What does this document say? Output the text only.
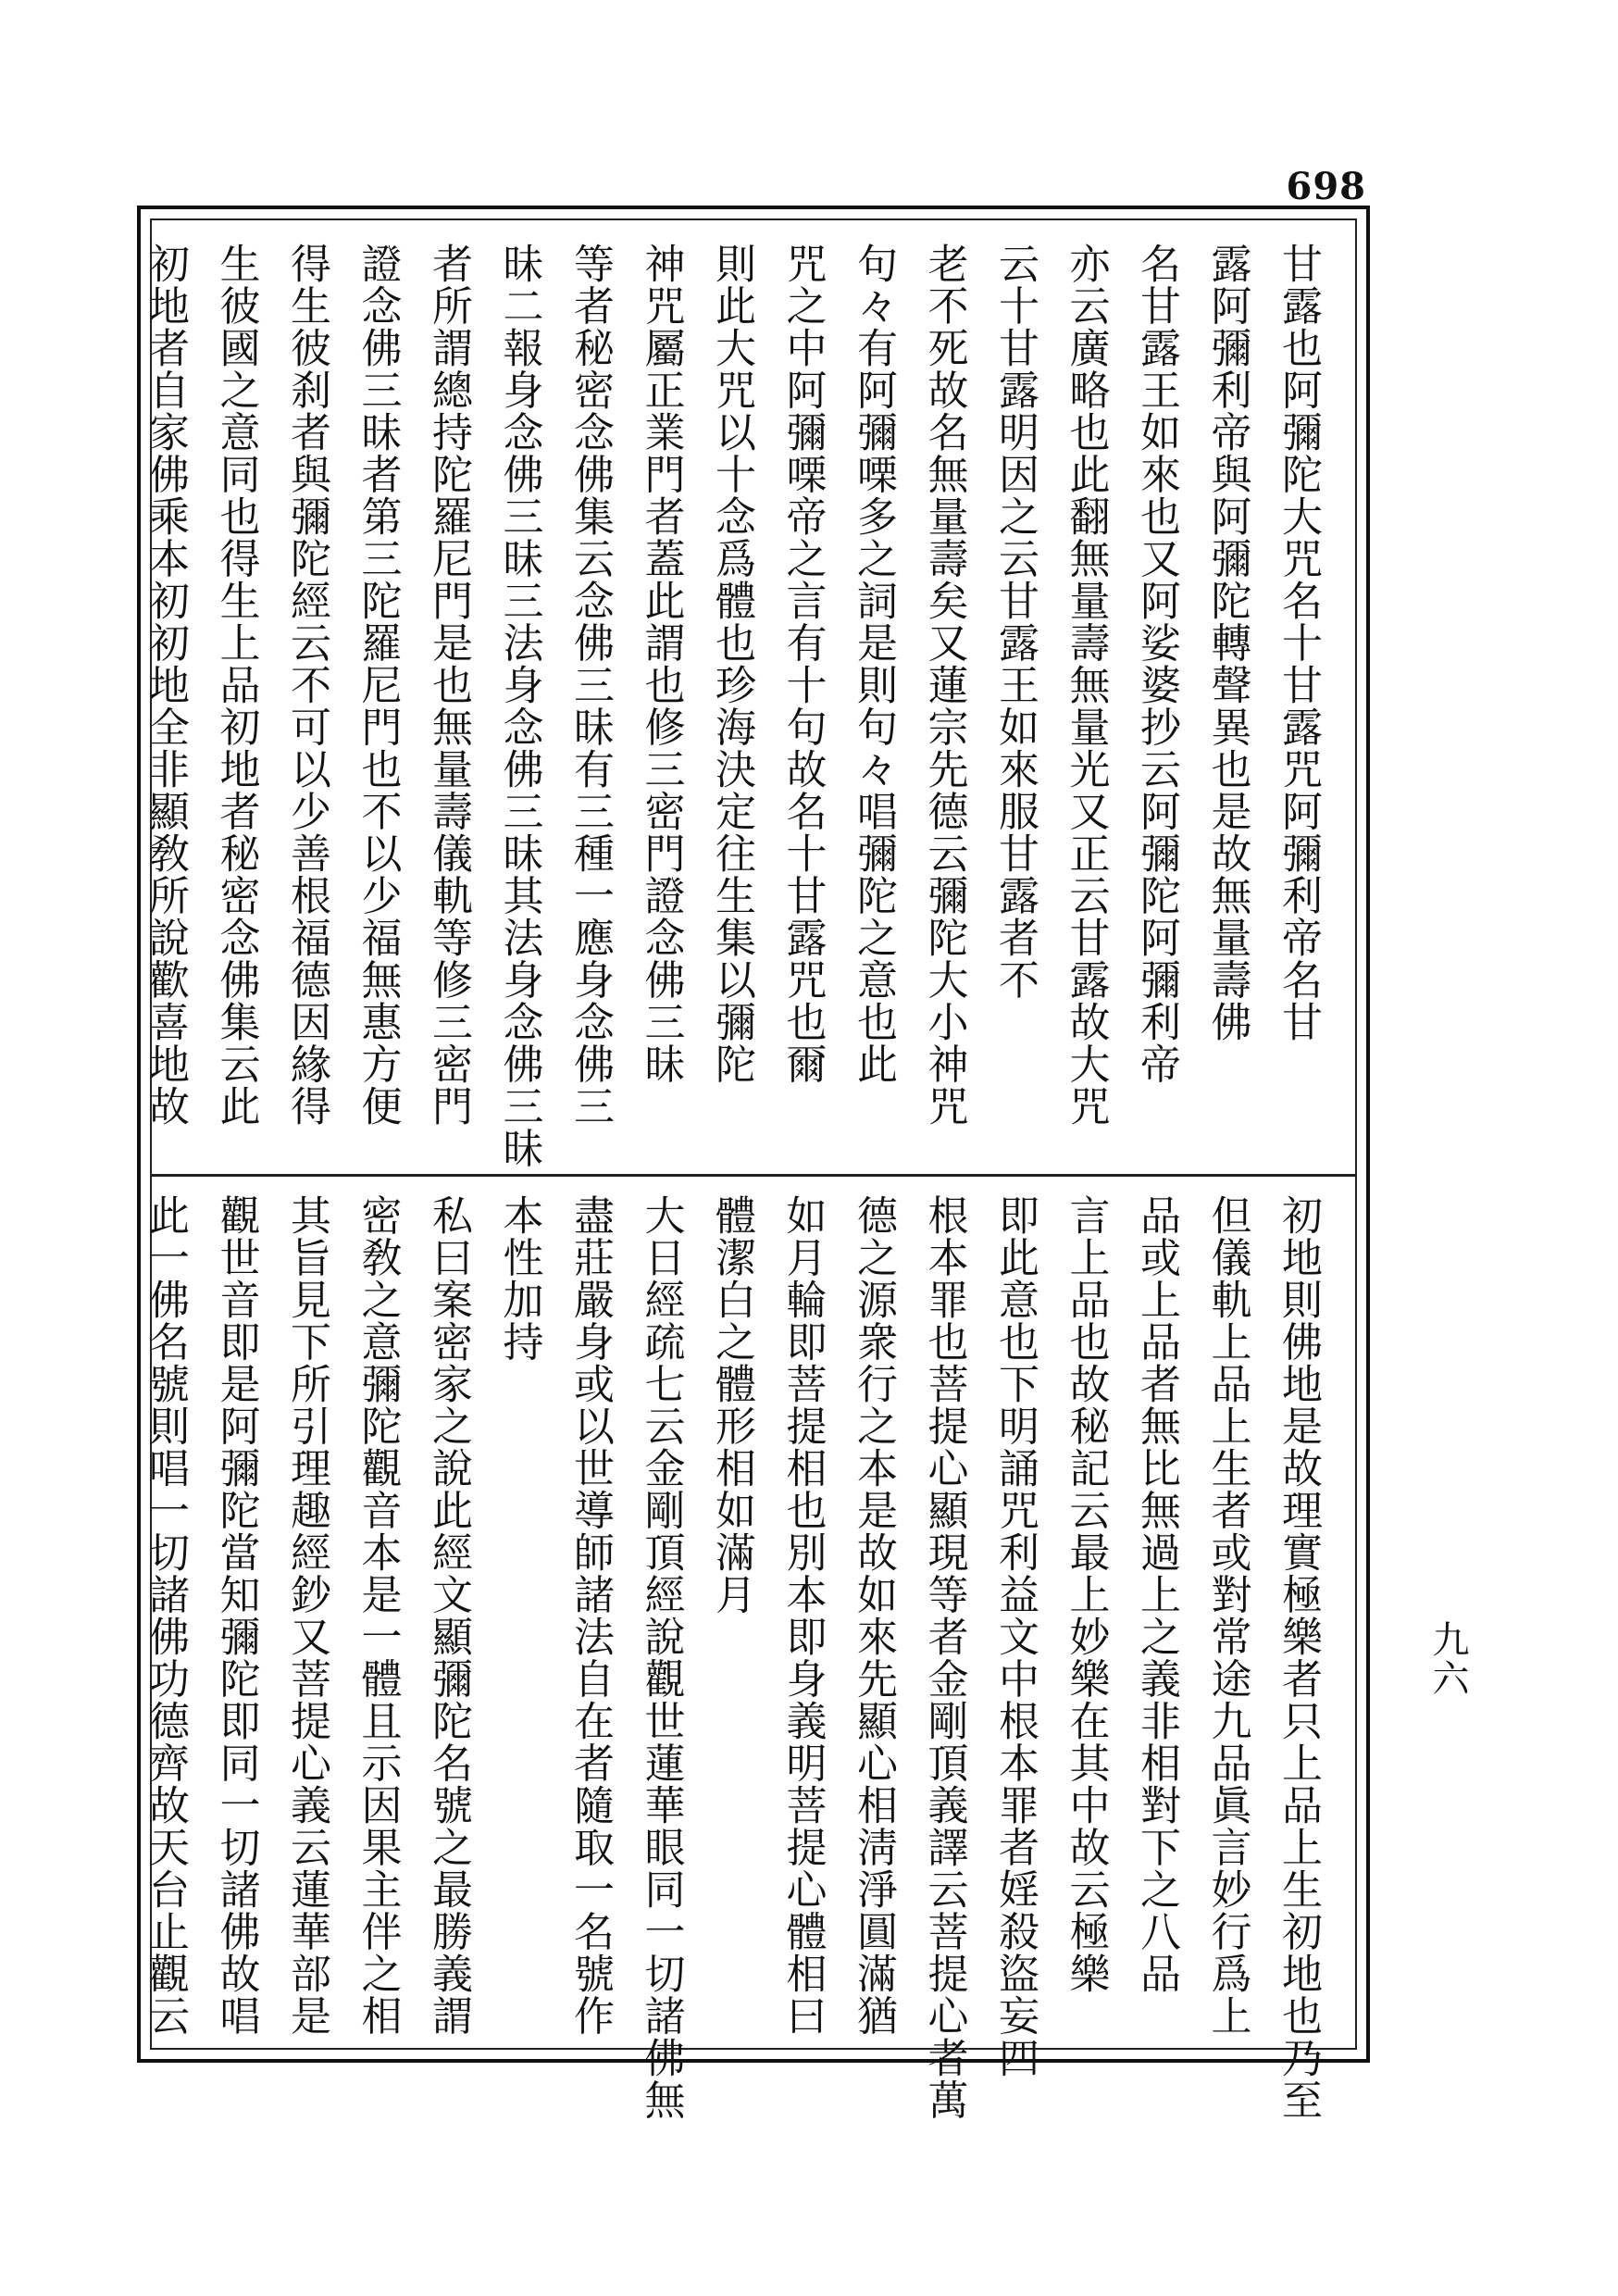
698
甘露也阿彌陀大咒名十甘露咒阿彌利帝名甘
露阿彌利帝與阿彌陀轉聲異也是故無量壽佛
名甘露王如來也又阿娑婆抄云阿彌陀阿彌利帝
亦云廣略也此翻無量壽無量光又正云甘露故大咒
云十甘露明因之云甘露王如來服甘露者不
老不死故名無量壽矣又蓮宗先德云彌陀大小神咒
句々有阿彌㗚多之詞是則句々唱彌陀之意也此
咒之中阿彌㗚帝之言有十句故名十甘露咒也爾
則此大咒以十念爲體也珍海決定往生集以彌陀
神咒屬正業門者蓋此謂也修三密門證念佛三昧
等者秘密念佛集云念佛三昧有三種一應身念佛三
昧二報身念佛三昧三法身念佛三昧其法身念佛三昧
者所謂總持陀羅尼門是也無量壽儀軌等修三密門
證念佛三昧者第三陀羅尼門也不以少福無惠方便
得生彼刹者與彌陀經云不可以少善根福德因緣得
生彼國之意同也得生上品初地者秘密念佛集云此
初地者自家佛乘本初初地全非顯敎所說歡喜地故
初地則佛地是故理實極樂者只上品上生初地也乃至
但儀軌上品上生者或對常途九品眞言妙行爲上
品或上品者無比無過上之義非相對下之八品
言上品也故秘記云最上妙樂在其中故云極樂
即此意也下明誦咒利益文中根本罪者婬殺盜妄四
根本罪也菩提心顯現等者金剛頂義譯云菩提心者萬
德之源衆行之本是故如來先顯心相淸淨圓滿猶
如月輪即菩提相也別本即身義明菩提心體相曰
體潔白之體形相如滿月
大日經疏七云金剛頂經說觀世蓮華眼同一切諸佛無
盡莊嚴身或以世導師諸法自在者隨取一名號作
本性加持
私曰案密家之說此經文顯彌陀名號之最勝義謂
密敎之意彌陀觀音本是一體且示因果主伴之相
其旨見下所引理趣經鈔又菩提心義云蓮華部是
觀世音即是阿彌陀當知彌陀即同一切諸佛故唱
此一佛名號則唱一切諸佛功德齊故天台止觀云	九六
